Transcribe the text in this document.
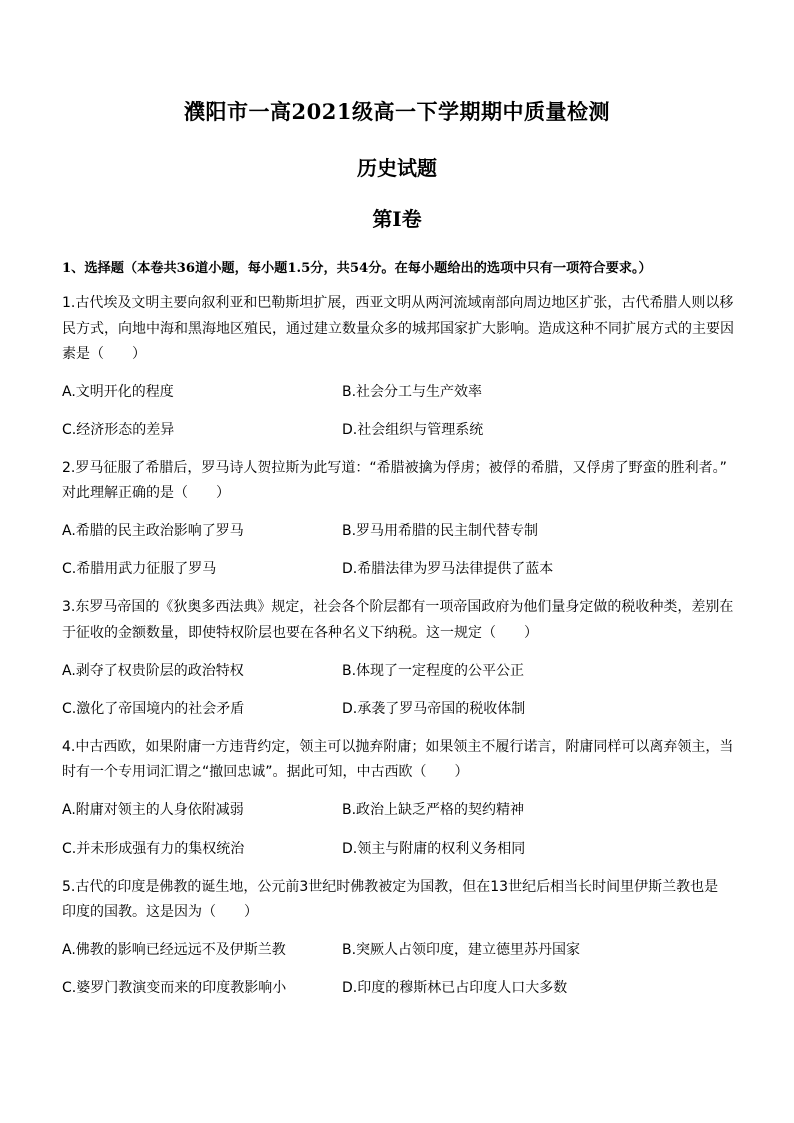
濮阳市一高2021级高一下学期期中质量检测
历史试题
第Ⅰ卷
1、选择题（本卷共36道小题，每小题1.5分，共54分。在每小题给出的选项中只有一项符合要求。）
1.古代埃及文明主要向叙利亚和巴勒斯坦扩展，西亚文明从两河流域南部向周边地区扩张，古代希腊人则以移
民方式，向地中海和黑海地区殖民，通过建立数量众多的城邦国家扩大影响。造成这种不同扩展方式的主要因
素是（　　）
A.文明开化的程度	B.社会分工与生产效率
C.经济形态的差异	D.社会组织与管理系统
2.罗马征服了希腊后，罗马诗人贺拉斯为此写道：“希腊被擒为俘虏；被俘的希腊，又俘虏了野蛮的胜利者。”
对此理解正确的是（　　）
A.希腊的民主政治影响了罗马	B.罗马用希腊的民主制代替专制
C.希腊用武力征服了罗马	D.希腊法律为罗马法律提供了蓝本
3.东罗马帝国的《狄奥多西法典》规定，社会各个阶层都有一项帝国政府为他们量身定做的税收种类，差别在
于征收的金额数量，即使特权阶层也要在各种名义下纳税。这一规定（　　）
A.剥夺了权贵阶层的政治特权	B.体现了一定程度的公平公正
C.激化了帝国境内的社会矛盾	D.承袭了罗马帝国的税收体制
4.中古西欧，如果附庸一方违背约定，领主可以抛弃附庸；如果领主不履行诺言，附庸同样可以离弃领主，当
时有一个专用词汇谓之“撤回忠诚”。据此可知，中古西欧（　　）
A.附庸对领主的人身依附减弱	B.政治上缺乏严格的契约精神
C.并未形成强有力的集权统治	D.领主与附庸的权利义务相同
5.古代的印度是佛教的诞生地，公元前3世纪时佛教被定为国教，但在13世纪后相当长时间里伊斯兰教也是
印度的国教。这是因为（　　）
A.佛教的影响已经远远不及伊斯兰教	B.突厥人占领印度，建立德里苏丹国家
C.婆罗门教演变而来的印度教影响小	D.印度的穆斯林已占印度人口大多数
